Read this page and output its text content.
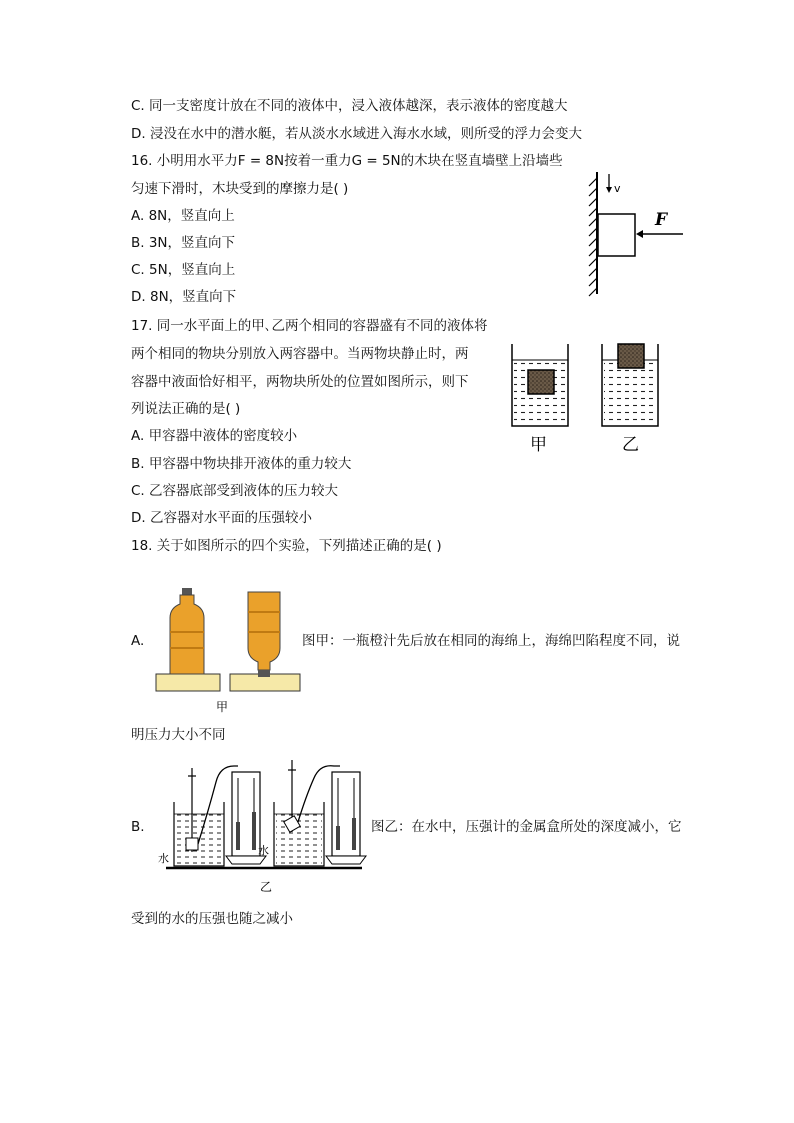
C. 同一支密度计放在不同的液体中，浸入液体越深，表示液体的密度越大
D. 浸没在水中的潜水艇，若从淡水水域进入海水水域，则所受的浮力会变大
16. 小明用水平力F = 8N按着一重力G = 5N的木块在竖直墙壁上沿墙些
匀速下滑时，木块受到的摩擦力是( )
A. 8N，竖直向上
B. 3N，竖直向下
C. 5N，竖直向上
D. 8N，竖直向下
17. 同一水平面上的甲､乙两个相同的容器盛有不同的液体将
两个相同的物块分别放入两容器中。当两物块静止时，两
容器中液面恰好相平，两物块所处的位置如图所示，则下
列说法正确的是( )
A. 甲容器中液体的密度较小
B. 甲容器中物块排开液体的重力较大
C. 乙容器底部受到液体的压力较大
D. 乙容器对水平面的压强较小
18. 关于如图所示的四个实验，下列描述正确的是( )
A.	图甲：一瓶橙汁先后放在相同的海绵上，海绵凹陷程度不同，说
明压力大小不同
B.	图乙：在水中，压强计的金属盒所处的深度减小，它
受到的水的压强也随之减小
v
F
甲	乙
甲
水
水
乙
